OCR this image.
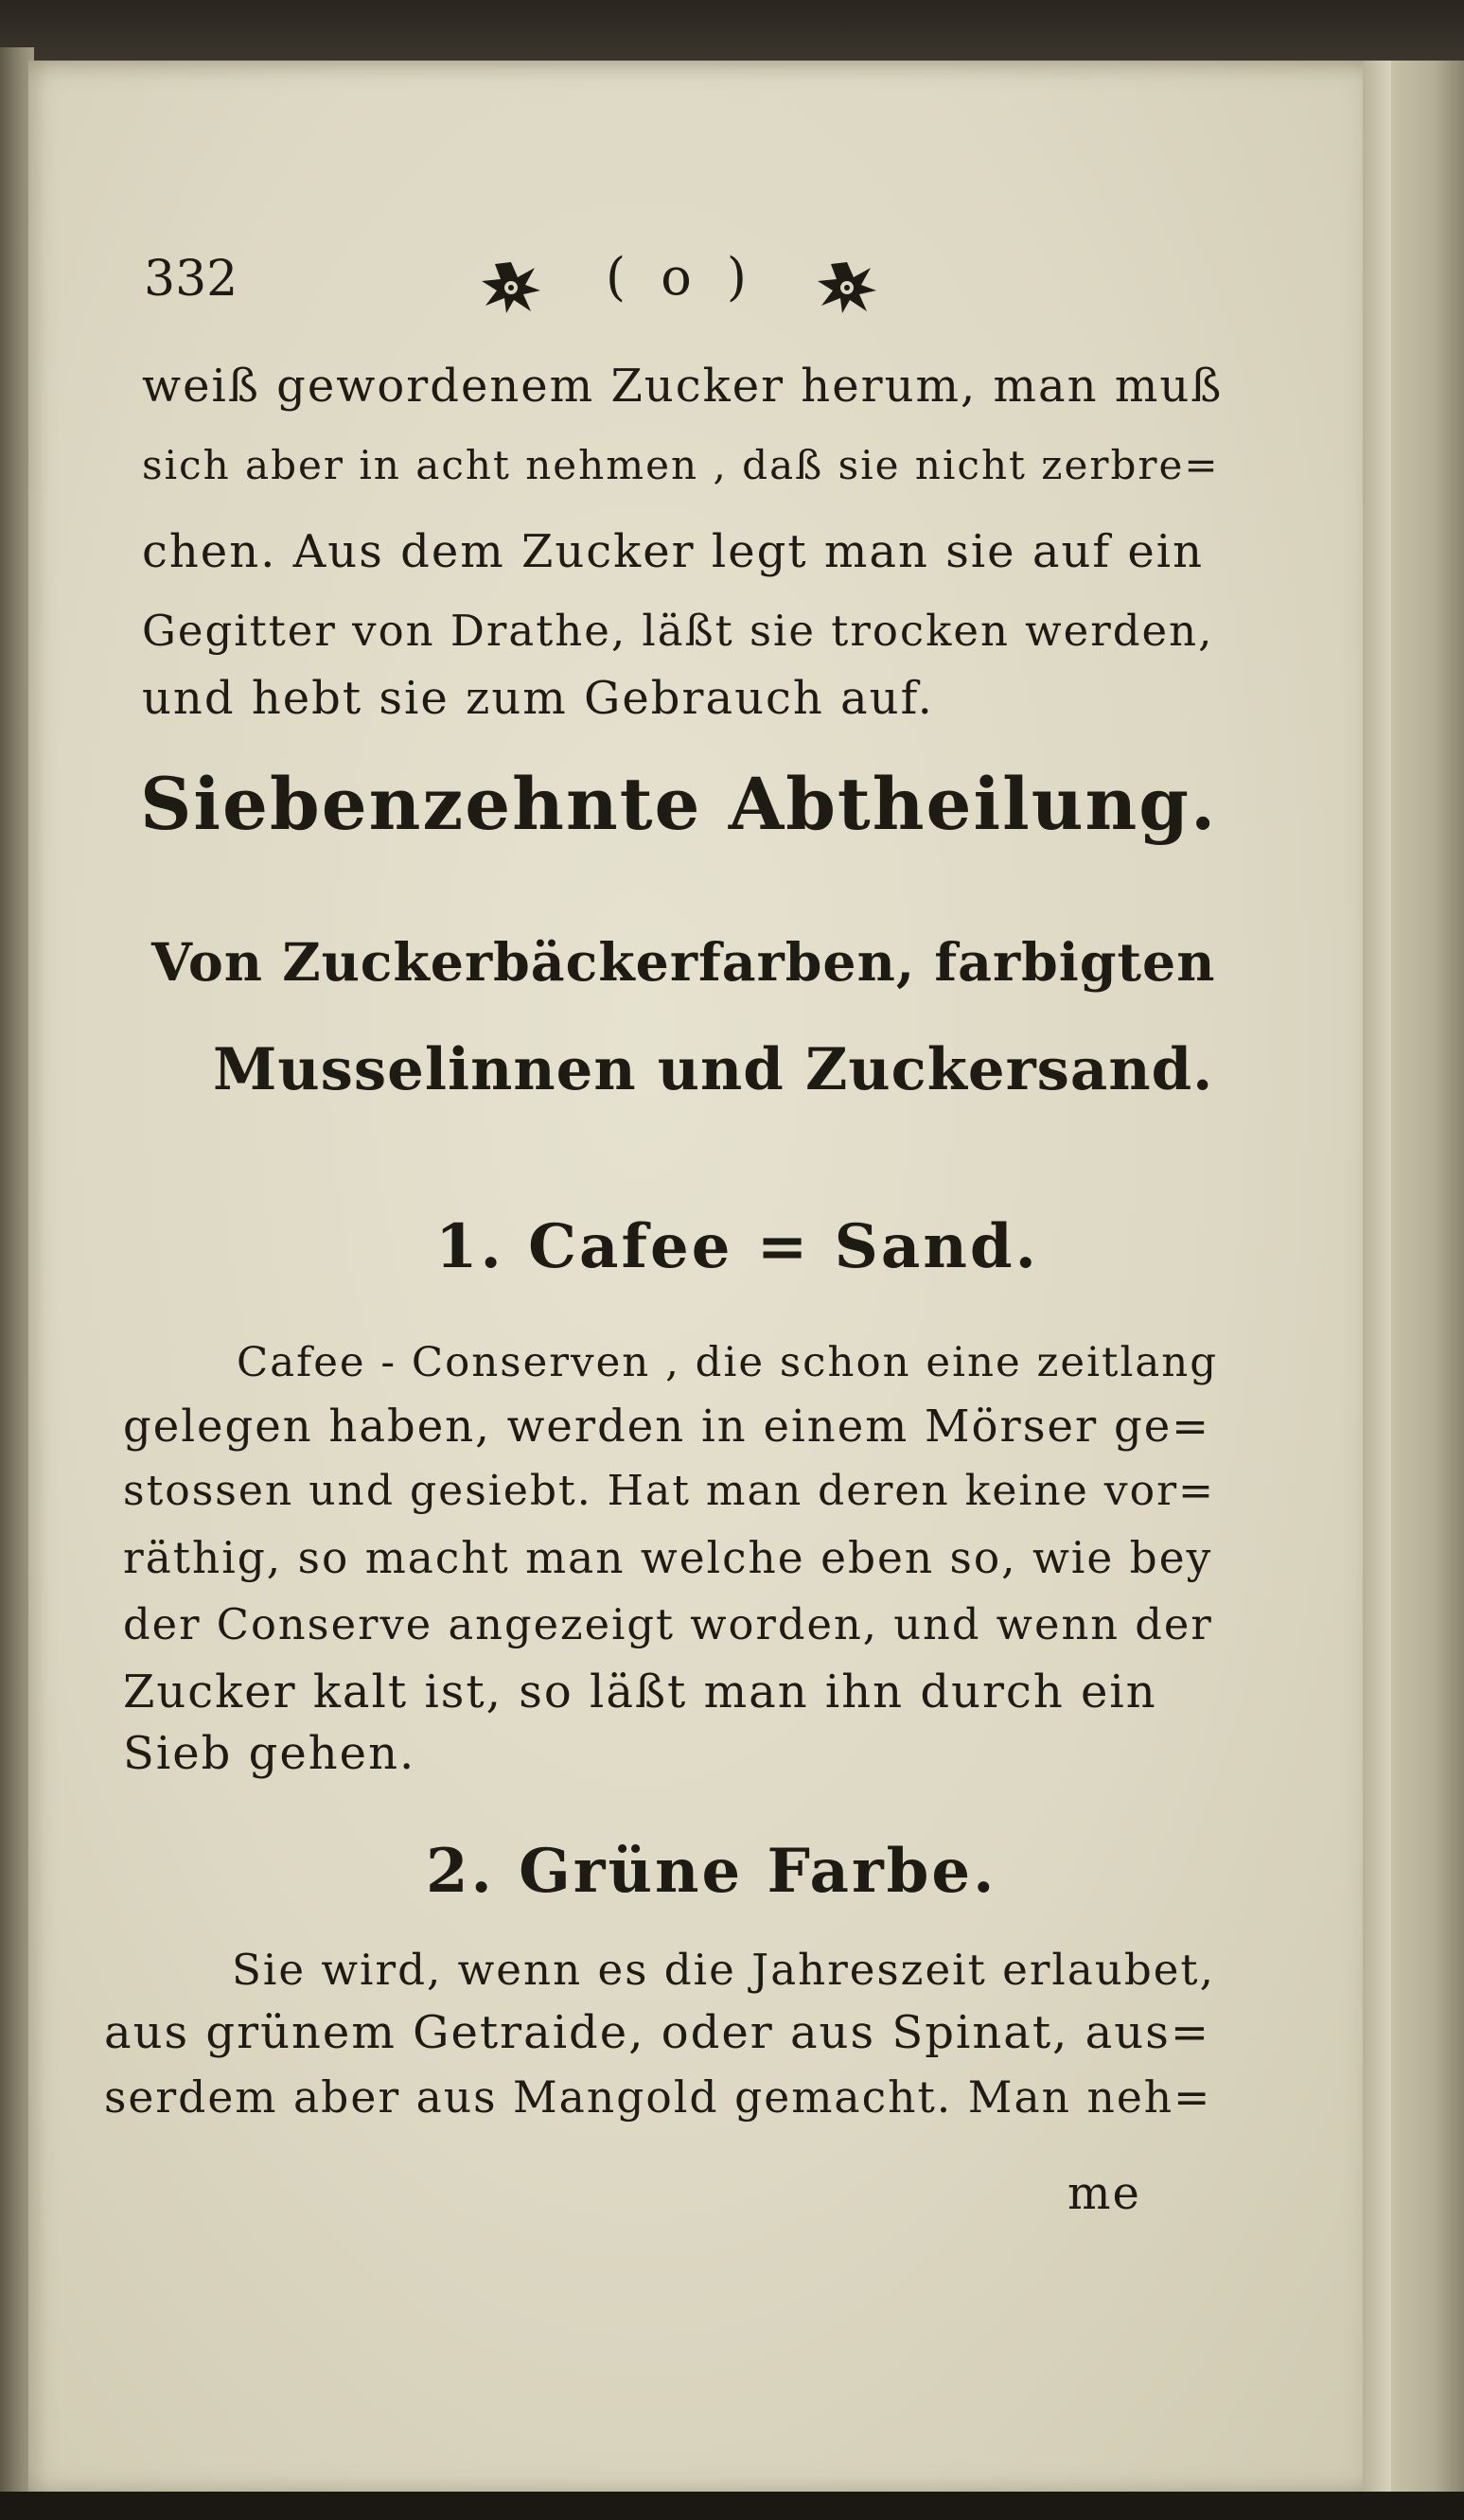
332	( o )
weiß gewordenem Zucker herum, man muß
sich aber in acht nehmen , daß sie nicht zerbre=
chen. Aus dem Zucker legt man sie auf ein
Gegitter von Drathe, läßt sie trocken werden,
und hebt sie zum Gebrauch auf.
Siebenzehnte Abtheilung.
Von Zuckerbäckerfarben, farbigten
Musselinnen und Zuckersand.
1. Cafee = Sand.
Cafee - Conserven , die schon eine zeitlang
gelegen haben, werden in einem Mörser ge=
stossen und gesiebt. Hat man deren keine vor=
räthig, so macht man welche eben so, wie bey
der Conserve angezeigt worden, und wenn der
Zucker kalt ist, so läßt man ihn durch ein
Sieb gehen.
2. Grüne Farbe.
Sie wird, wenn es die Jahreszeit erlaubet,
aus grünem Getraide, oder aus Spinat, aus=
serdem aber aus Mangold gemacht. Man neh=
me
